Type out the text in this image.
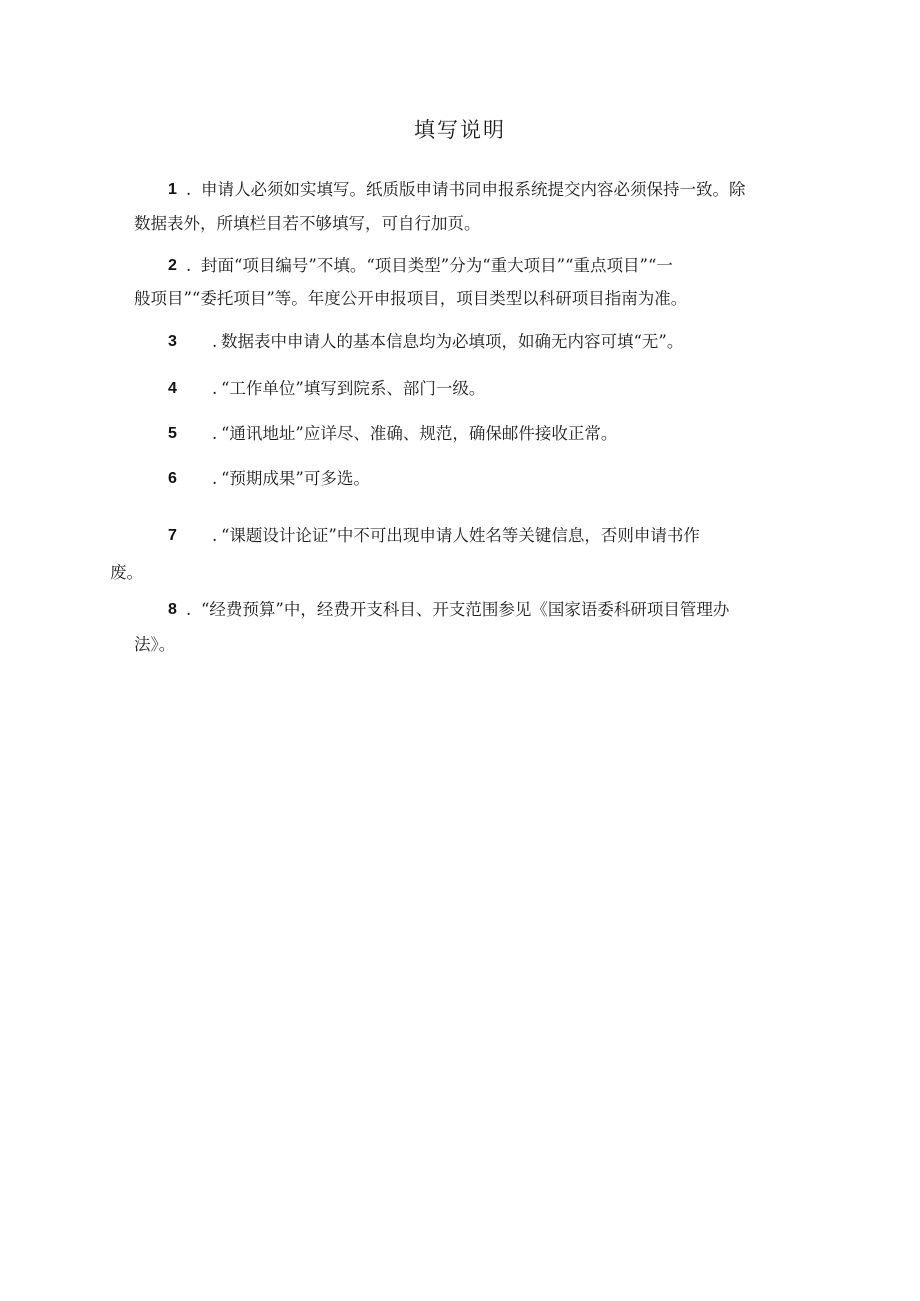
填写说明
1 . 申请人必须如实填写。纸质版申请书同申报系统提交内容必须保持一致。除
数据表外，所填栏目若不够填写，可自行加页。
2 . 封面“项目编号”不填。“项目类型”分为“重大项目”“重点项目”“一
般项目”“委托项目”等。年度公开申报项目，项目类型以科研项目指南为准。
3 . 数据表中申请人的基本信息均为必填项，如确无内容可填“无”。
4 . “工作单位”填写到院系、部门一级。
5 . “通讯地址”应详尽、准确、规范，确保邮件接收正常。
6 . “预期成果”可多选。
7 . “课题设计论证”中不可出现申请人姓名等关键信息，否则申请书作
废。
8 . “经费预算”中，经费开支科目、开支范围参见《国家语委科研项目管理办
法》。
